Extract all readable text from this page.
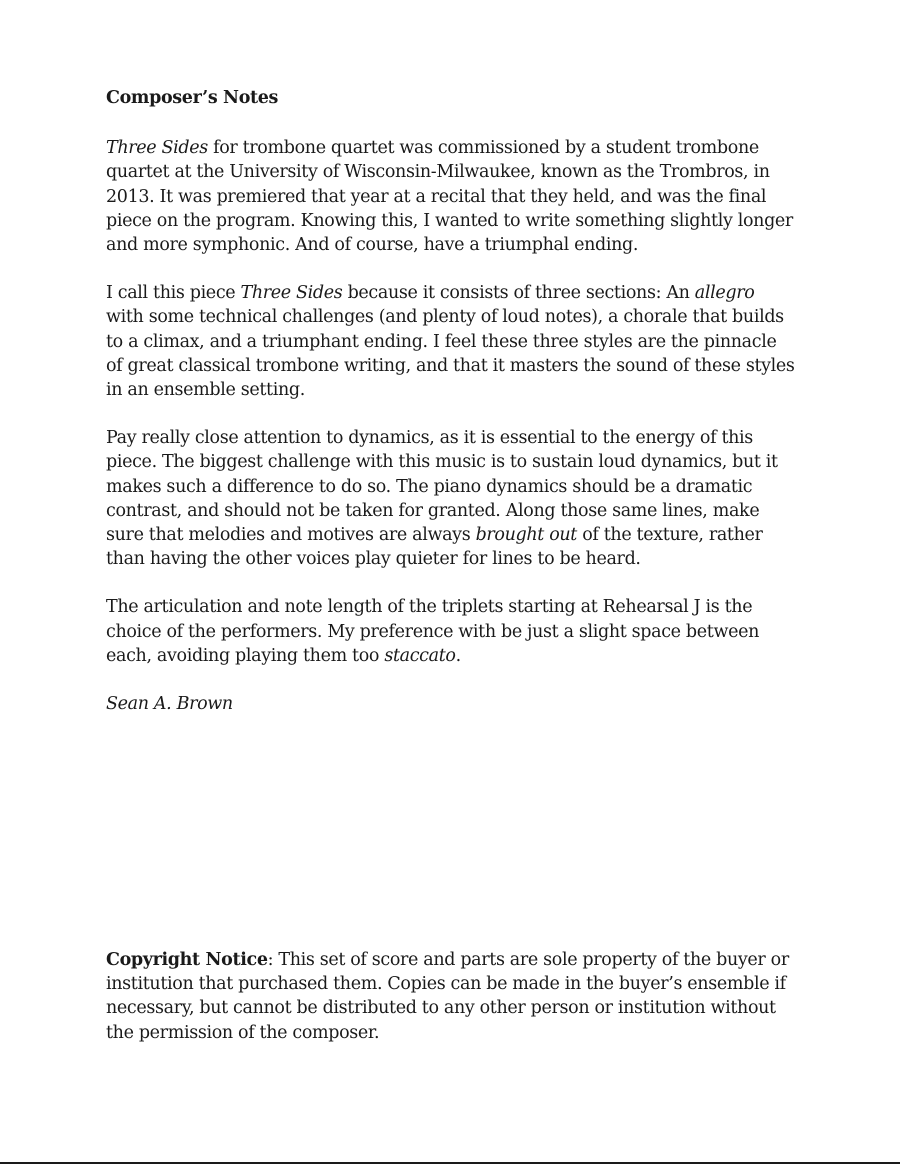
Composer’s Notes

Three Sides for trombone quartet was commissioned by a student trombone quartet at the University of Wisconsin-Milwaukee, known as the Trombros, in 2013. It was premiered that year at a recital that they held, and was the final piece on the program. Knowing this, I wanted to write something slightly longer and more symphonic. And of course, have a triumphal ending.

I call this piece Three Sides because it consists of three sections: An allegro with some technical challenges (and plenty of loud notes), a chorale that builds to a climax, and a triumphant ending. I feel these three styles are the pinnacle of great classical trombone writing, and that it masters the sound of these styles in an ensemble setting.

Pay really close attention to dynamics, as it is essential to the energy of this piece. The biggest challenge with this music is to sustain loud dynamics, but it makes such a difference to do so. The piano dynamics should be a dramatic contrast, and should not be taken for granted. Along those same lines, make sure that melodies and motives are always brought out of the texture, rather than having the other voices play quieter for lines to be heard.

The articulation and note length of the triplets starting at Rehearsal J is the choice of the performers. My preference with be just a slight space between each, avoiding playing them too staccato.

Sean A. Brown

Copyright Notice: This set of score and parts are sole property of the buyer or institution that purchased them. Copies can be made in the buyer’s ensemble if necessary, but cannot be distributed to any other person or institution without the permission of the composer.
